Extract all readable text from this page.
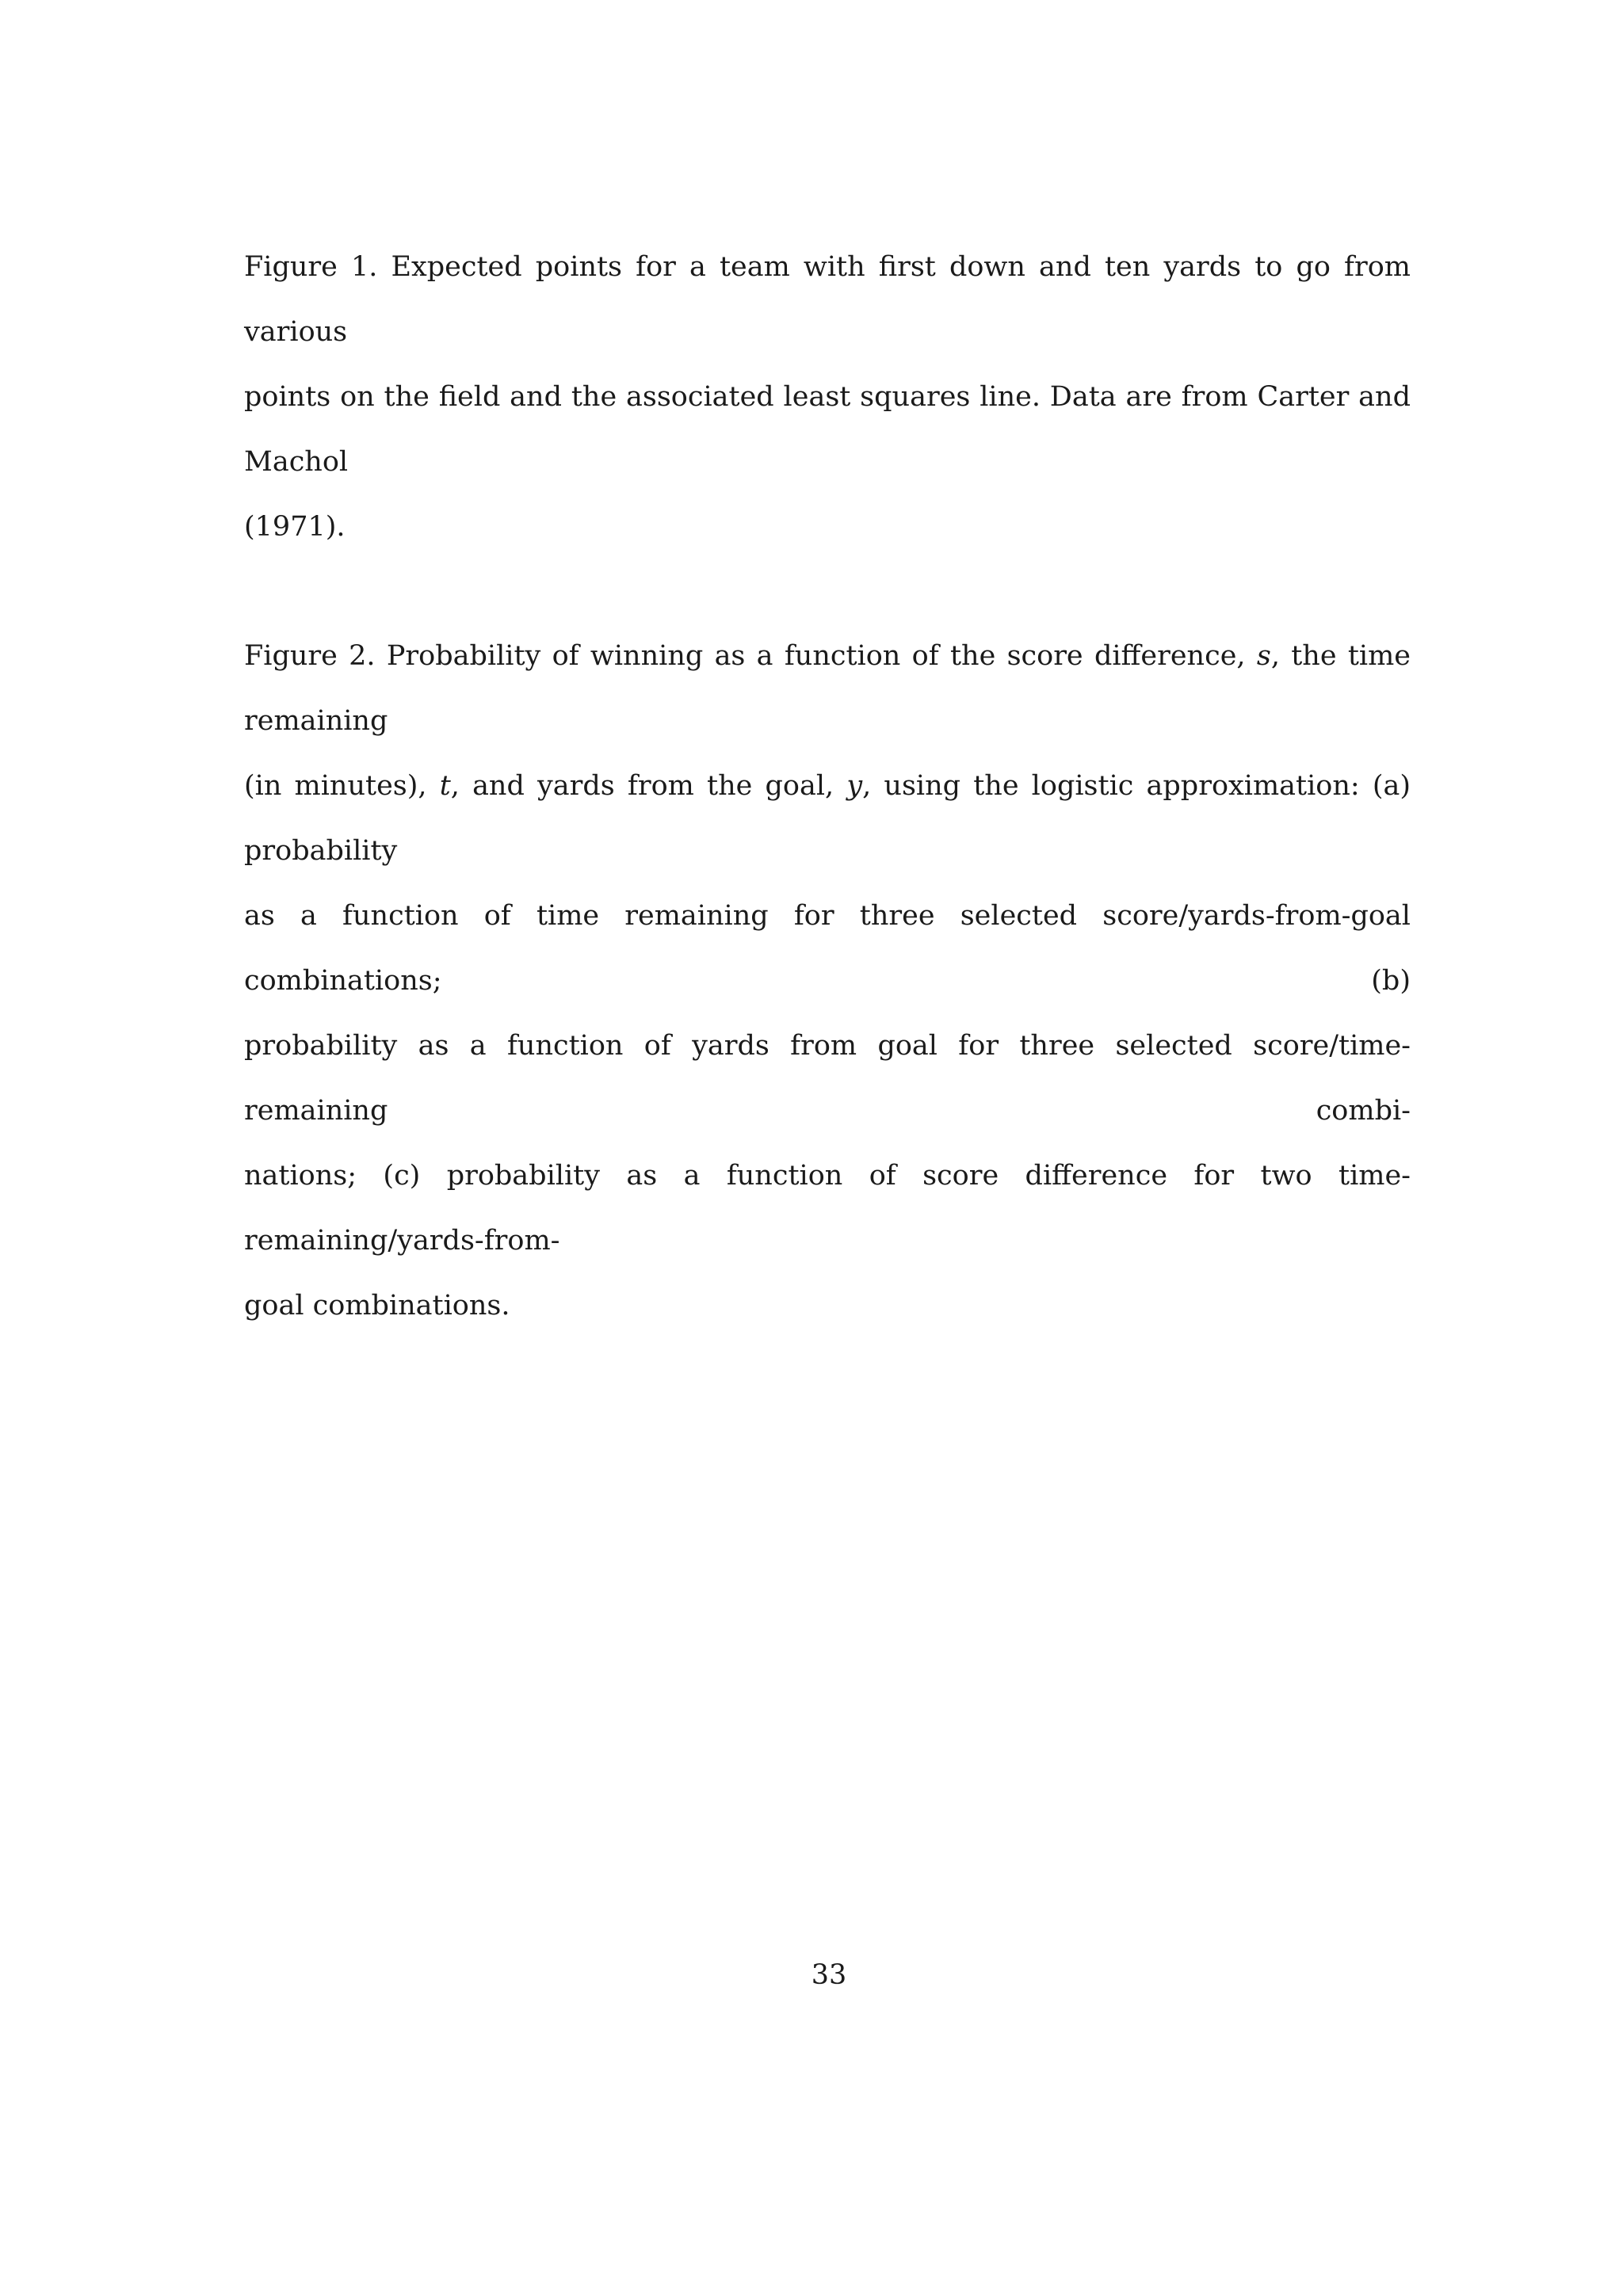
Figure 1. Expected points for a team with first down and ten yards to go from various
points on the field and the associated least squares line. Data are from Carter and Machol
(1971).
Figure 2. Probability of winning as a function of the score difference, s, the time remaining
(in minutes), t, and yards from the goal, y, using the logistic approximation: (a) probability
as a function of time remaining for three selected score/yards-from-goal combinations; (b)
probability as a function of yards from goal for three selected score/time-remaining combi-
nations; (c) probability as a function of score difference for two time-remaining/yards-from-
goal combinations.
33
